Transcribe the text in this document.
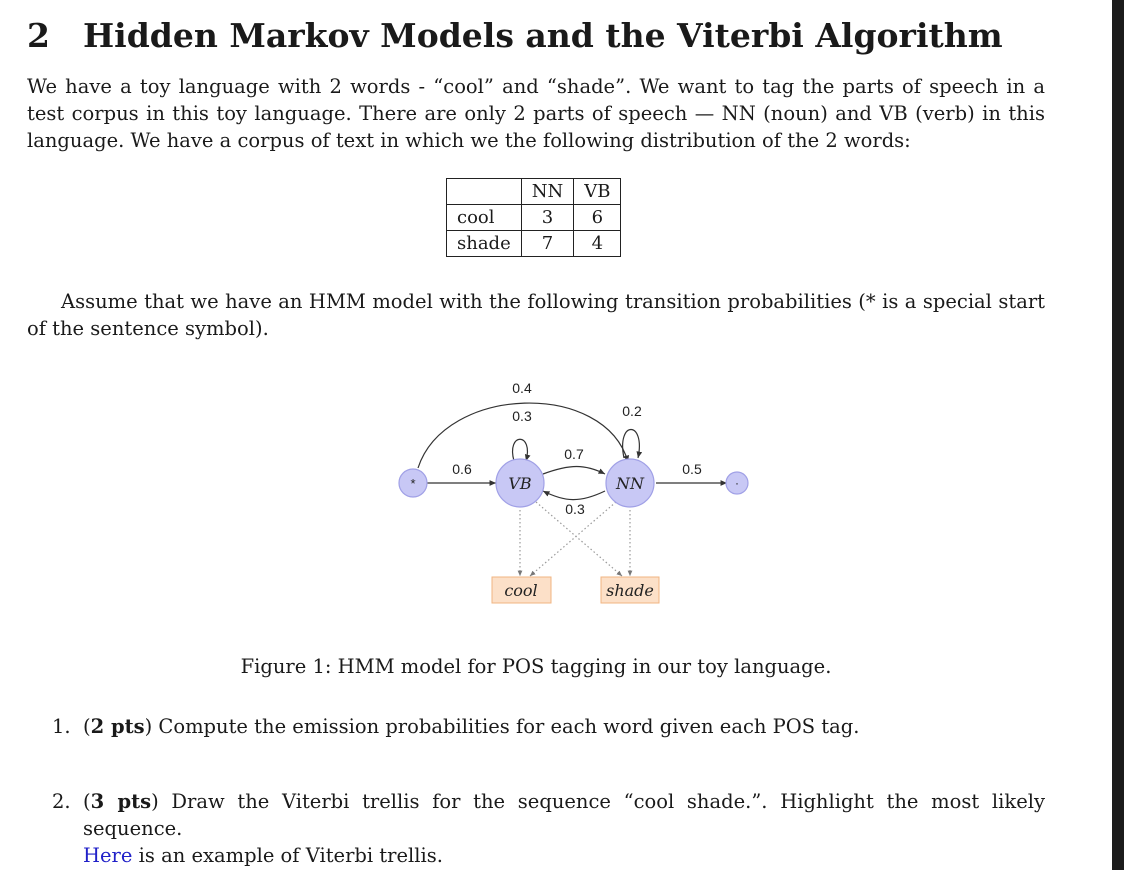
2 Hidden Markov Models and the Viterbi Algorithm

We have a toy language with 2 words - “cool” and “shade”. We want to tag the parts of speech in a test corpus in this toy language. There are only 2 parts of speech — NN (noun) and VB (verb) in this language. We have a corpus of text in which we the following distribution of the 2 words:

	NN	VB
cool	3	6
shade	7	4

Assume that we have an HMM model with the following transition probabilities (* is a special start of the sentence symbol).

0.4
0.3	0.2
0.7
0.3
0.6	0.5
*	VB	NN	·
cool	shade

Figure 1: HMM model for POS tagging in our toy language.

1. (2 pts) Compute the emission probabilities for each word given each POS tag.
2. (3 pts) Draw the Viterbi trellis for the sequence “cool shade.”. Highlight the most likely sequence.
Here is an example of Viterbi trellis.
